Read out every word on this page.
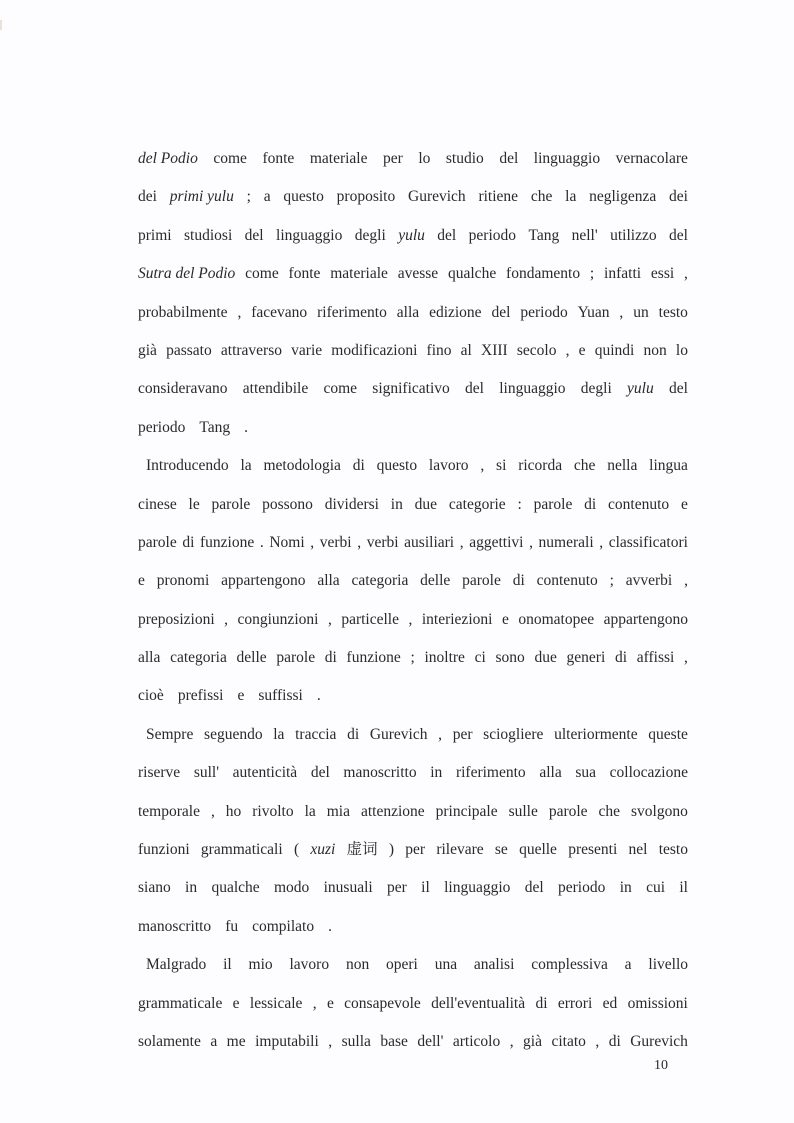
del Podio come fonte materiale per lo studio del linguaggio vernacolare
dei primi yulu ; a questo proposito Gurevich ritiene che la negligenza dei
primi studiosi del linguaggio degli yulu del periodo Tang nell' utilizzo del
Sutra del Podio come fonte materiale avesse qualche fondamento ; infatti essi ,
probabilmente , facevano riferimento alla edizione del periodo Yuan , un testo
già passato attraverso varie modificazioni fino al XIII secolo , e quindi non lo
consideravano attendibile come significativo del linguaggio degli yulu del
periodo Tang .
Introducendo la metodologia di questo lavoro , si ricorda che nella lingua
cinese le parole possono dividersi in due categorie : parole di contenuto e
parole di funzione . Nomi , verbi , verbi ausiliari , aggettivi , numerali , classificatori
e pronomi appartengono alla categoria delle parole di contenuto ; avverbi ,
preposizioni , congiunzioni , particelle , interiezioni e onomatopee appartengono
alla categoria delle parole di funzione ; inoltre ci sono due generi di affissi ,
cioè prefissi e suffissi .
Sempre seguendo la traccia di Gurevich , per sciogliere ulteriormente queste
riserve sull' autenticità del manoscritto in riferimento alla sua collocazione
temporale , ho rivolto la mia attenzione principale sulle parole che svolgono
funzioni grammaticali ( xuzi 虚词 ) per rilevare se quelle presenti nel testo
siano in qualche modo inusuali per il linguaggio del periodo in cui il
manoscritto fu compilato .
Malgrado il mio lavoro non operi una analisi complessiva a livello
grammaticale e lessicale , e consapevole dell'eventualità di errori ed omissioni
solamente a me imputabili , sulla base dell' articolo , già citato , di Gurevich
10
